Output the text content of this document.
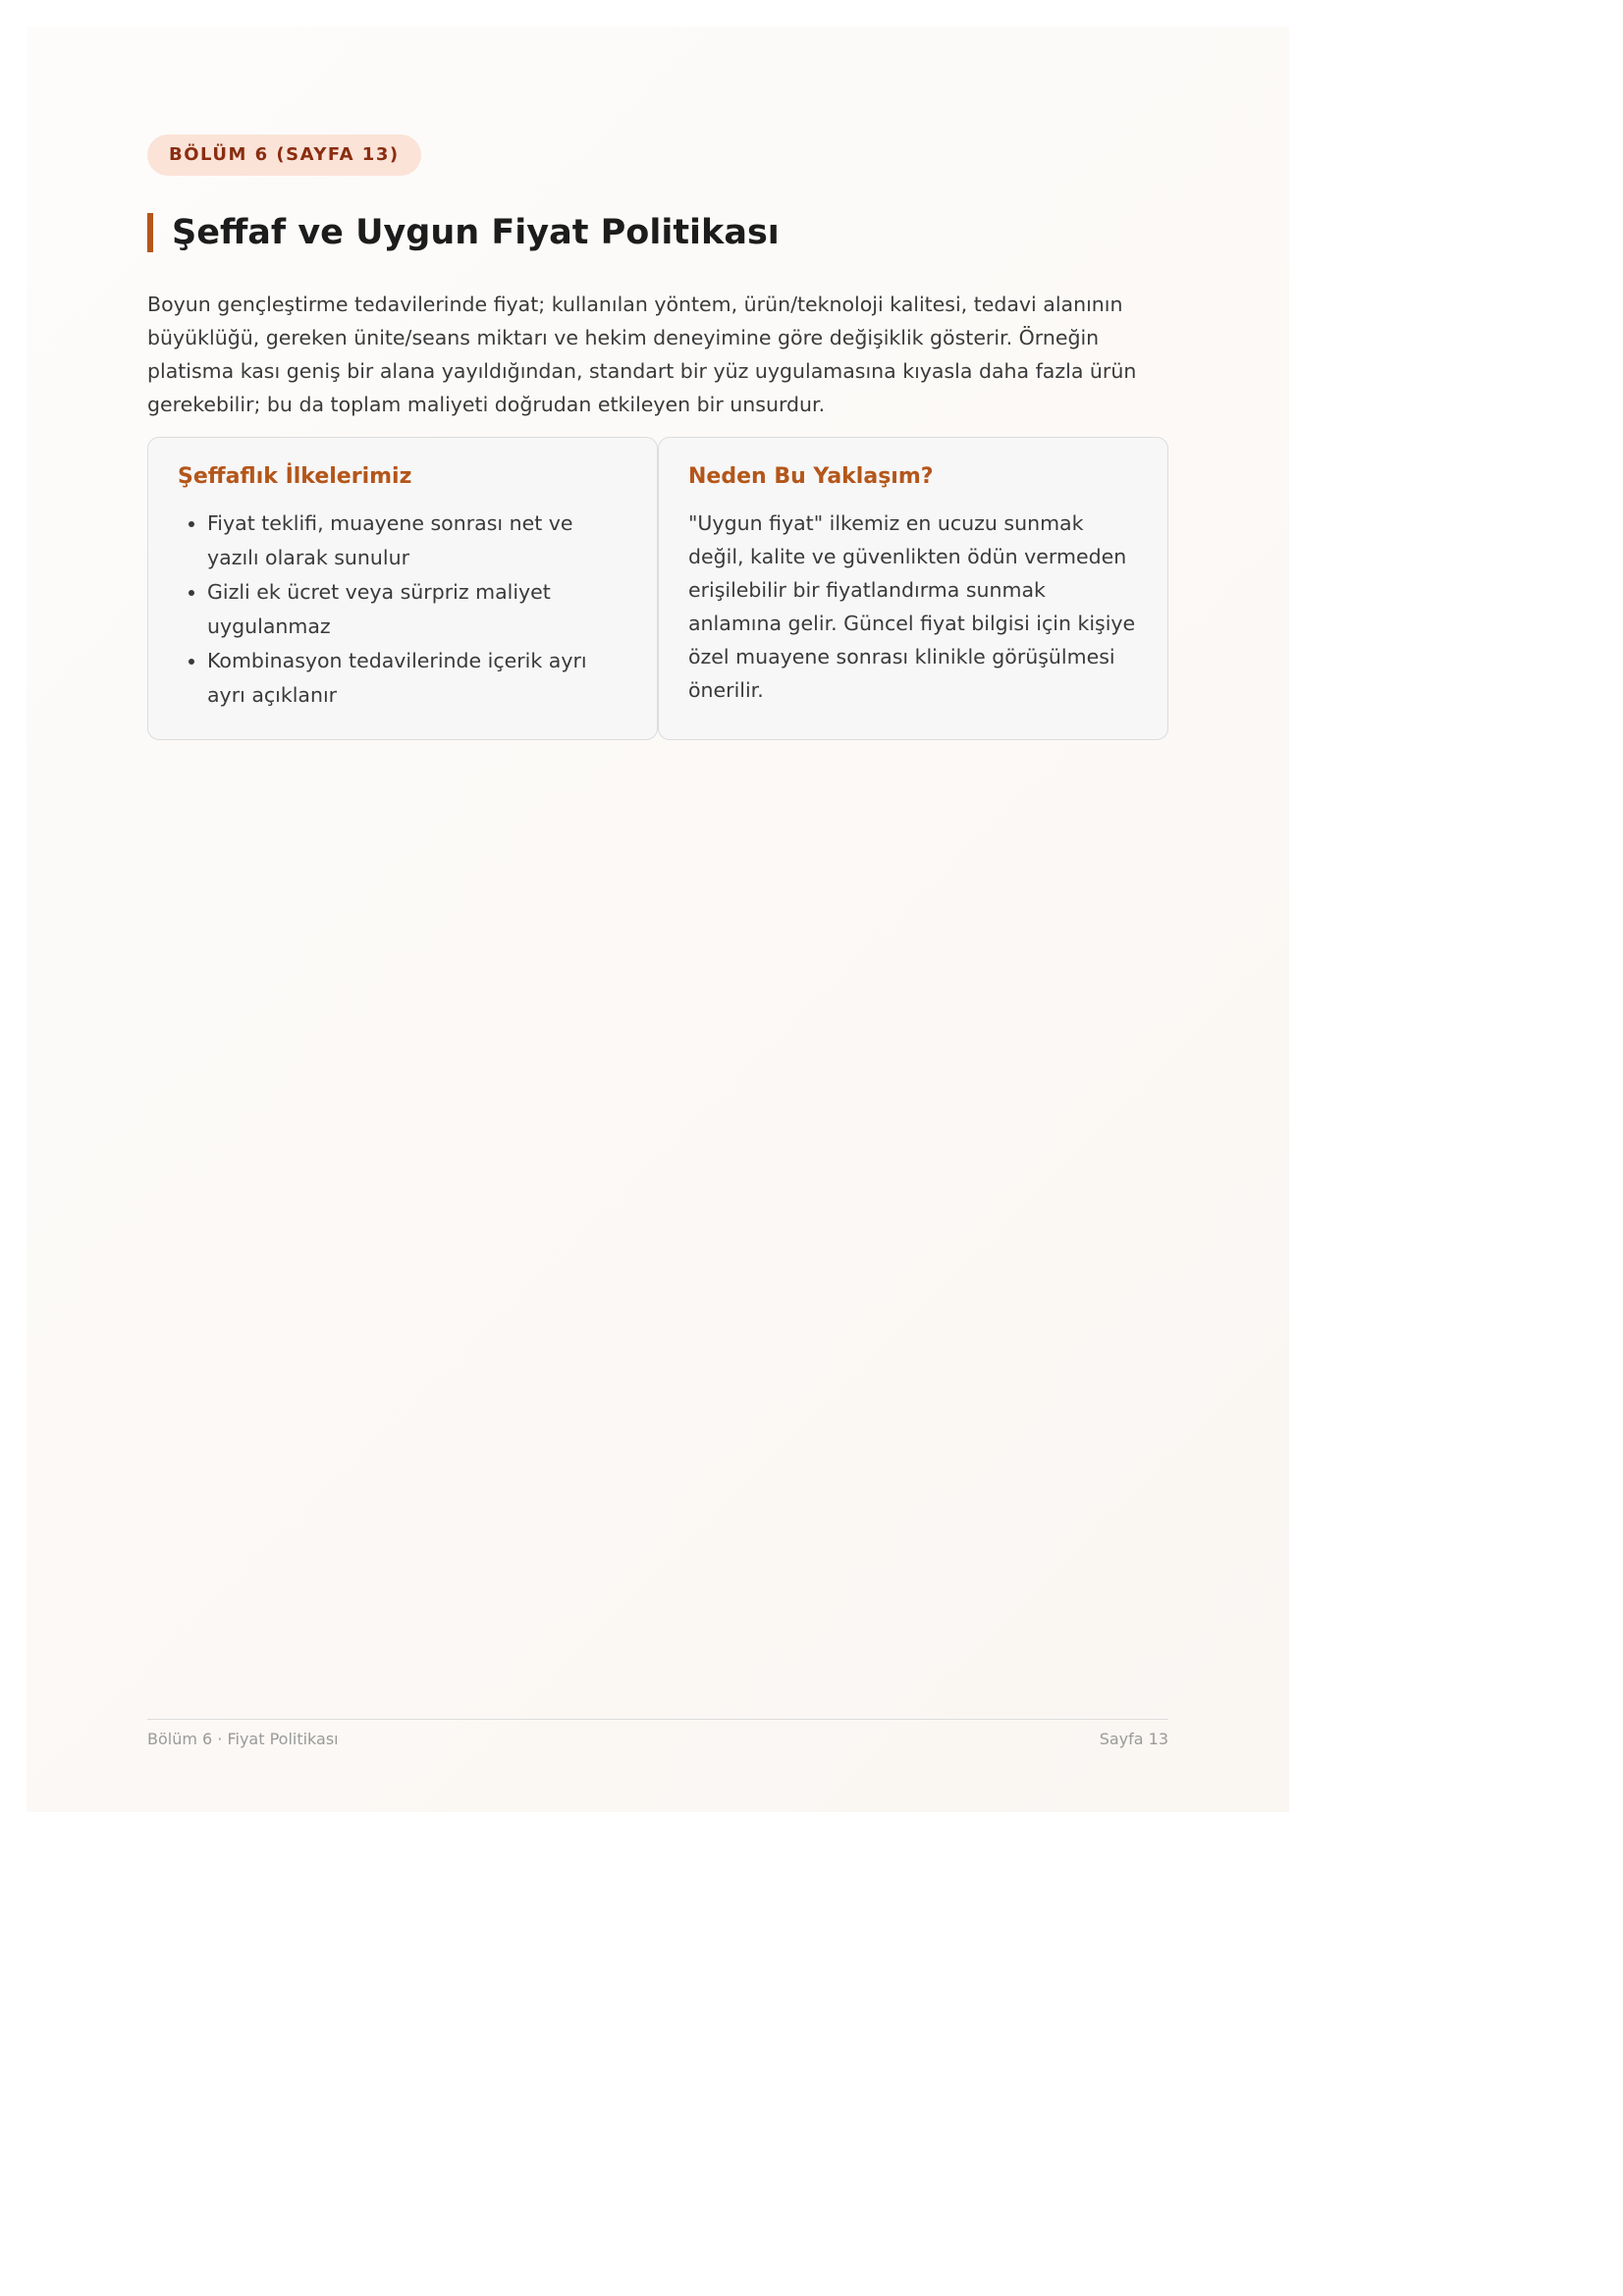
BÖLÜM 6 (SAYFA 13)
Şeffaf ve Uygun Fiyat Politikası

Boyun gençleştirme tedavilerinde fiyat; kullanılan yöntem, ürün/teknoloji kalitesi, tedavi alanının büyüklüğü, gereken ünite/seans miktarı ve hekim deneyimine göre değişiklik gösterir. Örneğin platisma kası geniş bir alana yayıldığından, standart bir yüz uygulamasına kıyasla daha fazla ürün gerekebilir; bu da toplam maliyeti doğrudan etkileyen bir unsurdur.

Şeffaflık İlkelerimiz
• Fiyat teklifi, muayene sonrası net ve yazılı olarak sunulur
• Gizli ek ücret veya sürpriz maliyet uygulanmaz
• Kombinasyon tedavilerinde içerik ayrı ayrı açıklanır
Neden Bu Yaklaşım?

"Uygun fiyat" ilkemiz en ucuzu sunmak değil, kalite ve güvenlikten ödün vermeden erişilebilir bir fiyatlandırma sunmak anlamına gelir. Güncel fiyat bilgisi için kişiye özel muayene sonrası klinikle görüşülmesi önerilir.

Bölüm 6 · Fiyat Politikası	Sayfa 13
